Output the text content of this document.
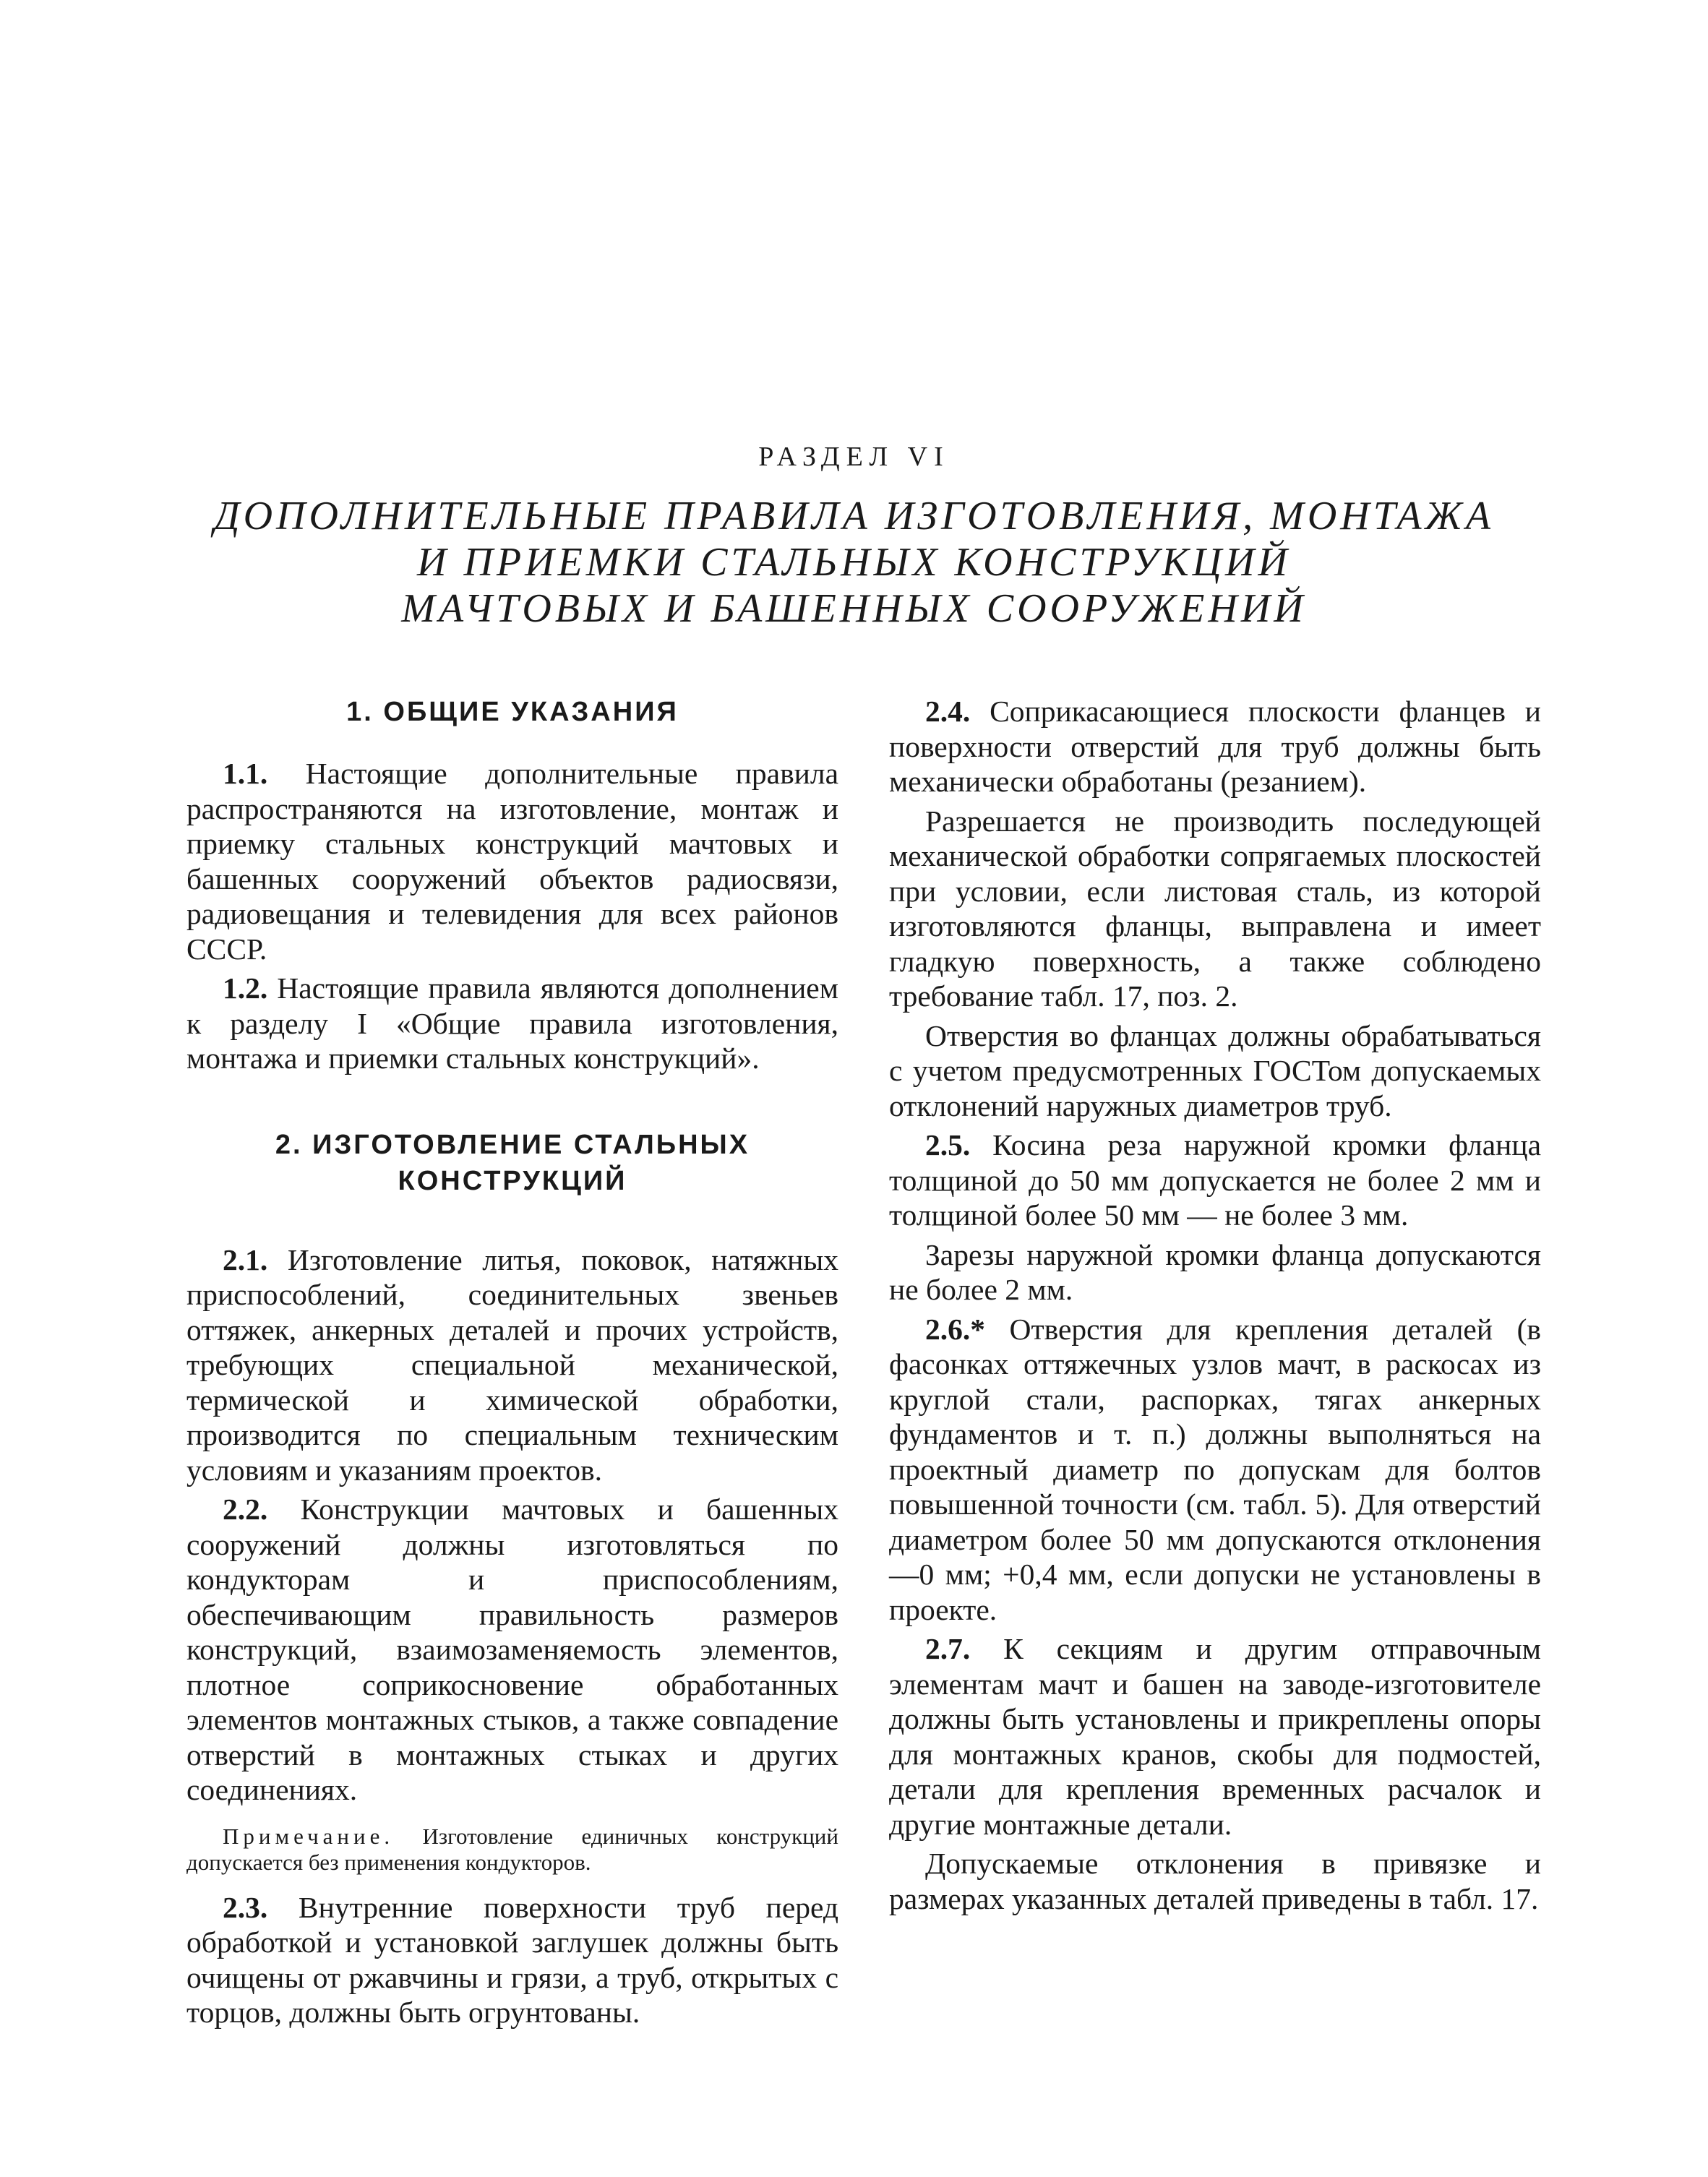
РАЗДЕЛ VI
ДОПОЛНИТЕЛЬНЫЕ ПРАВИЛА ИЗГОТОВЛЕНИЯ, МОНТАЖА
И ПРИЕМКИ СТАЛЬНЫХ КОНСТРУКЦИЙ
МАЧТОВЫХ И БАШЕННЫХ СООРУЖЕНИЙ
1. ОБЩИЕ УКАЗАНИЯ

1.1. Настоящие дополнительные правила распространяются на изготовление, монтаж и приемку стальных конструкций мачтовых и башенных сооружений объектов радиосвязи, радиовещания и телевидения для всех районов СССР.

1.2. Настоящие правила являются дополнением к разделу I «Общие правила изготовления, монтажа и приемки стальных конструкций».

2. ИЗГОТОВЛЕНИЕ СТАЛЬНЫХ
КОНСТРУКЦИЙ

2.1. Изготовление литья, поковок, натяжных приспособлений, соединительных звеньев оттяжек, анкерных деталей и прочих устройств, требующих специальной механической, термической и химической обработки, производится по специальным техническим условиям и указаниям проектов.

2.2. Конструкции мачтовых и башенных сооружений должны изготовляться по кондукторам и приспособлениям, обеспечивающим правильность размеров конструкций, взаимозаменяемость элементов, плотное соприкосновение обработанных элементов монтажных стыков, а также совпадение отверстий в монтажных стыках и других соединениях.

Примечание. Изготовление единичных конструкций допускается без применения кондукторов.

2.3. Внутренние поверхности труб перед обработкой и установкой заглушек должны быть очищены от ржавчины и грязи, а труб, открытых с торцов, должны быть огрунтованы.

2.4. Соприкасающиеся плоскости фланцев и поверхности отверстий для труб должны быть механически обработаны (резанием).

Разрешается не производить последующей механической обработки сопрягаемых плоскостей при условии, если листовая сталь, из которой изготовляются фланцы, выправлена и имеет гладкую поверхность, а также соблюдено требование табл. 17, поз. 2.

Отверстия во фланцах должны обрабатываться с учетом предусмотренных ГОСТом допускаемых отклонений наружных диаметров труб.

2.5. Косина реза наружной кромки фланца толщиной до 50 мм допускается не более 2 мм и толщиной более 50 мм — не более 3 мм.

Зарезы наружной кромки фланца допускаются не более 2 мм.

2.6.* Отверстия для крепления деталей (в фасонках оттяжечных узлов мачт, в раскосах из круглой стали, распорках, тягах анкерных фундаментов и т. п.) должны выполняться на проектный диаметр по допускам для болтов повышенной точности (см. табл. 5). Для отверстий диаметром более 50 мм допускаются отклонения —0 мм; +0,4 мм, если допуски не установлены в проекте.

2.7. К секциям и другим отправочным элементам мачт и башен на заводе-изготовителе должны быть установлены и прикреплены опоры для монтажных кранов, скобы для подмостей, детали для крепления временных расчалок и другие монтажные детали.

Допускаемые отклонения в привязке и размерах указанных деталей приведены в табл. 17.
